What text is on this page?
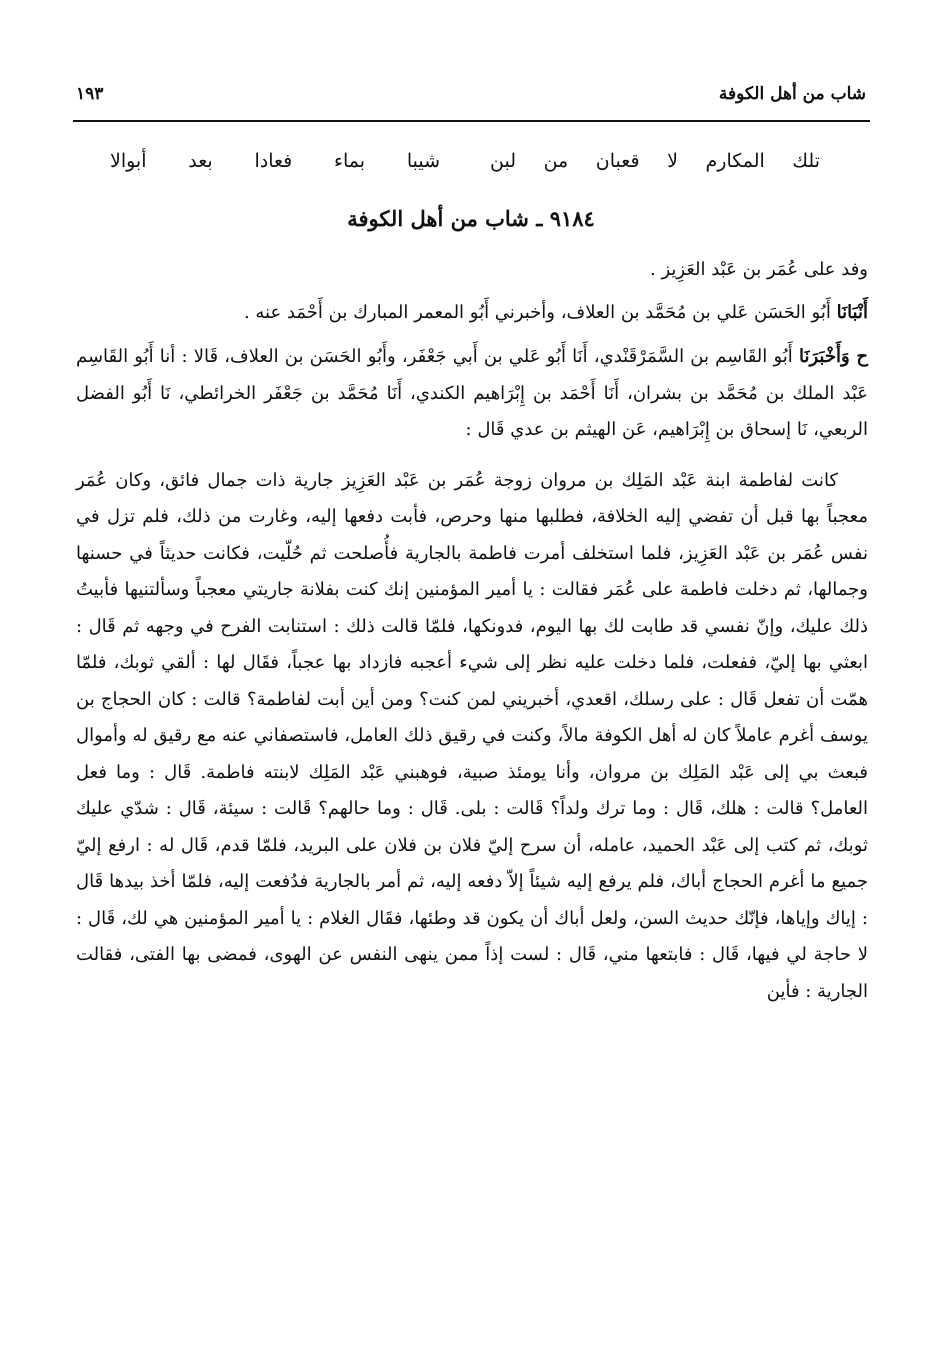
شاب من أهل الكوفة
١٩٣
تلك المكارم لا قعبان من لبن
شيبا بماء فعادا بعد أبوالا
٩١٨٤ ـ شاب من أهل الكوفة

وفد على عُمَر بن عَبْد العَزِيز .

أَنْبَانَا أَبُو الحَسَن عَلي بن مُحَمَّد بن العلاف، وأخبرني أَبُو المعمر المبارك بن أَحْمَد عنه .

ح وَأَخْبَرَنَا أَبُو القَاسِم بن السَّمَرْقَنْدي، أَنَا أَبُو عَلي بن أَبي جَعْفَر، وأَبُو الحَسَن بن العلاف، قَالا : أنا أَبُو القَاسِم عَبْد الملك بن مُحَمَّد بن بشران، أَنَا أَحْمَد بن إِبْرَاهيم الكندي، أَنَا مُحَمَّد بن جَعْفَر الخرائطي، نَا أَبُو الفضل الربعي، نَا إسحاق بن إِبْرَاهيم، عَن الهيثم بن عدي قَال :

كانت لفاطمة ابنة عَبْد المَلِك بن مروان زوجة عُمَر بن عَبْد العَزِيز جارية ذات جمال فائق، وكان عُمَر معجباً بها قبل أن تفضي إليه الخلافة، فطلبها منها وحرص، فأبت دفعها إليه، وغارت من ذلك، فلم تزل في نفس عُمَر بن عَبْد العَزِيز، فلما استخلف أمرت فاطمة بالجارية فأُصلحت ثم حُلّيت، فكانت حديثاً في حسنها وجمالها، ثم دخلت فاطمة على عُمَر فقالت : يا أمير المؤمنين إنك كنت بفلانة جاريتي معجباً وسألتنيها فأبيتُ ذلك عليك، وإنّ نفسي قد طابت لك بها اليوم، فدونكها، فلمّا قالت ذلك : استنابت الفرح في وجهه ثم قَال : ابعثي بها إليّ، ففعلت، فلما دخلت عليه نظر إلى شيء أعجبه فازداد بها عجباً، فقَال لها : ألقي ثوبك، فلمّا همّت أن تفعل قَال : على رسلك، اقعدي، أخبريني لمن كنت؟ ومن أين أبت لفاطمة؟ قالت : كان الحجاج بن يوسف أغرم عاملاً كان له أهل الكوفة مالاً، وكنت في رقيق ذلك العامل، فاستصفاني عنه مع رقيق له وأموال فبعث بي إلى عَبْد المَلِك بن مروان، وأنا يومئذ صبية، فوهبني عَبْد المَلِك لابنته فاطمة. قَال : وما فعل العامل؟ قالت : هلك، قَال : وما ترك ولداً؟ قَالت : بلى. قَال : وما حالهم؟ قَالت : سيئة، قَال : شدّي عليك ثوبك، ثم كتب إلى عَبْد الحميد، عامله، أن سرح إليّ فلان بن فلان على البريد، فلمّا قدم، قَال له : ارفع إليّ جميع ما أغرم الحجاج أباك، فلم يرفع إليه شيئاً إلاّ دفعه إليه، ثم أمر بالجارية فدُفعت إليه، فلمّا أخذ بيدها قَال : إياك وإياها، فإنّك حديث السن، ولعل أباك أن يكون قد وطئها، فقَال الغلام : يا أمير المؤمنين هي لك، قَال : لا حاجة لي فيها، قَال : فابتعها مني، قَال : لست إذاً ممن ينهى النفس عن الهوى، فمضى بها الفتى، فقالت الجارية : فأين
